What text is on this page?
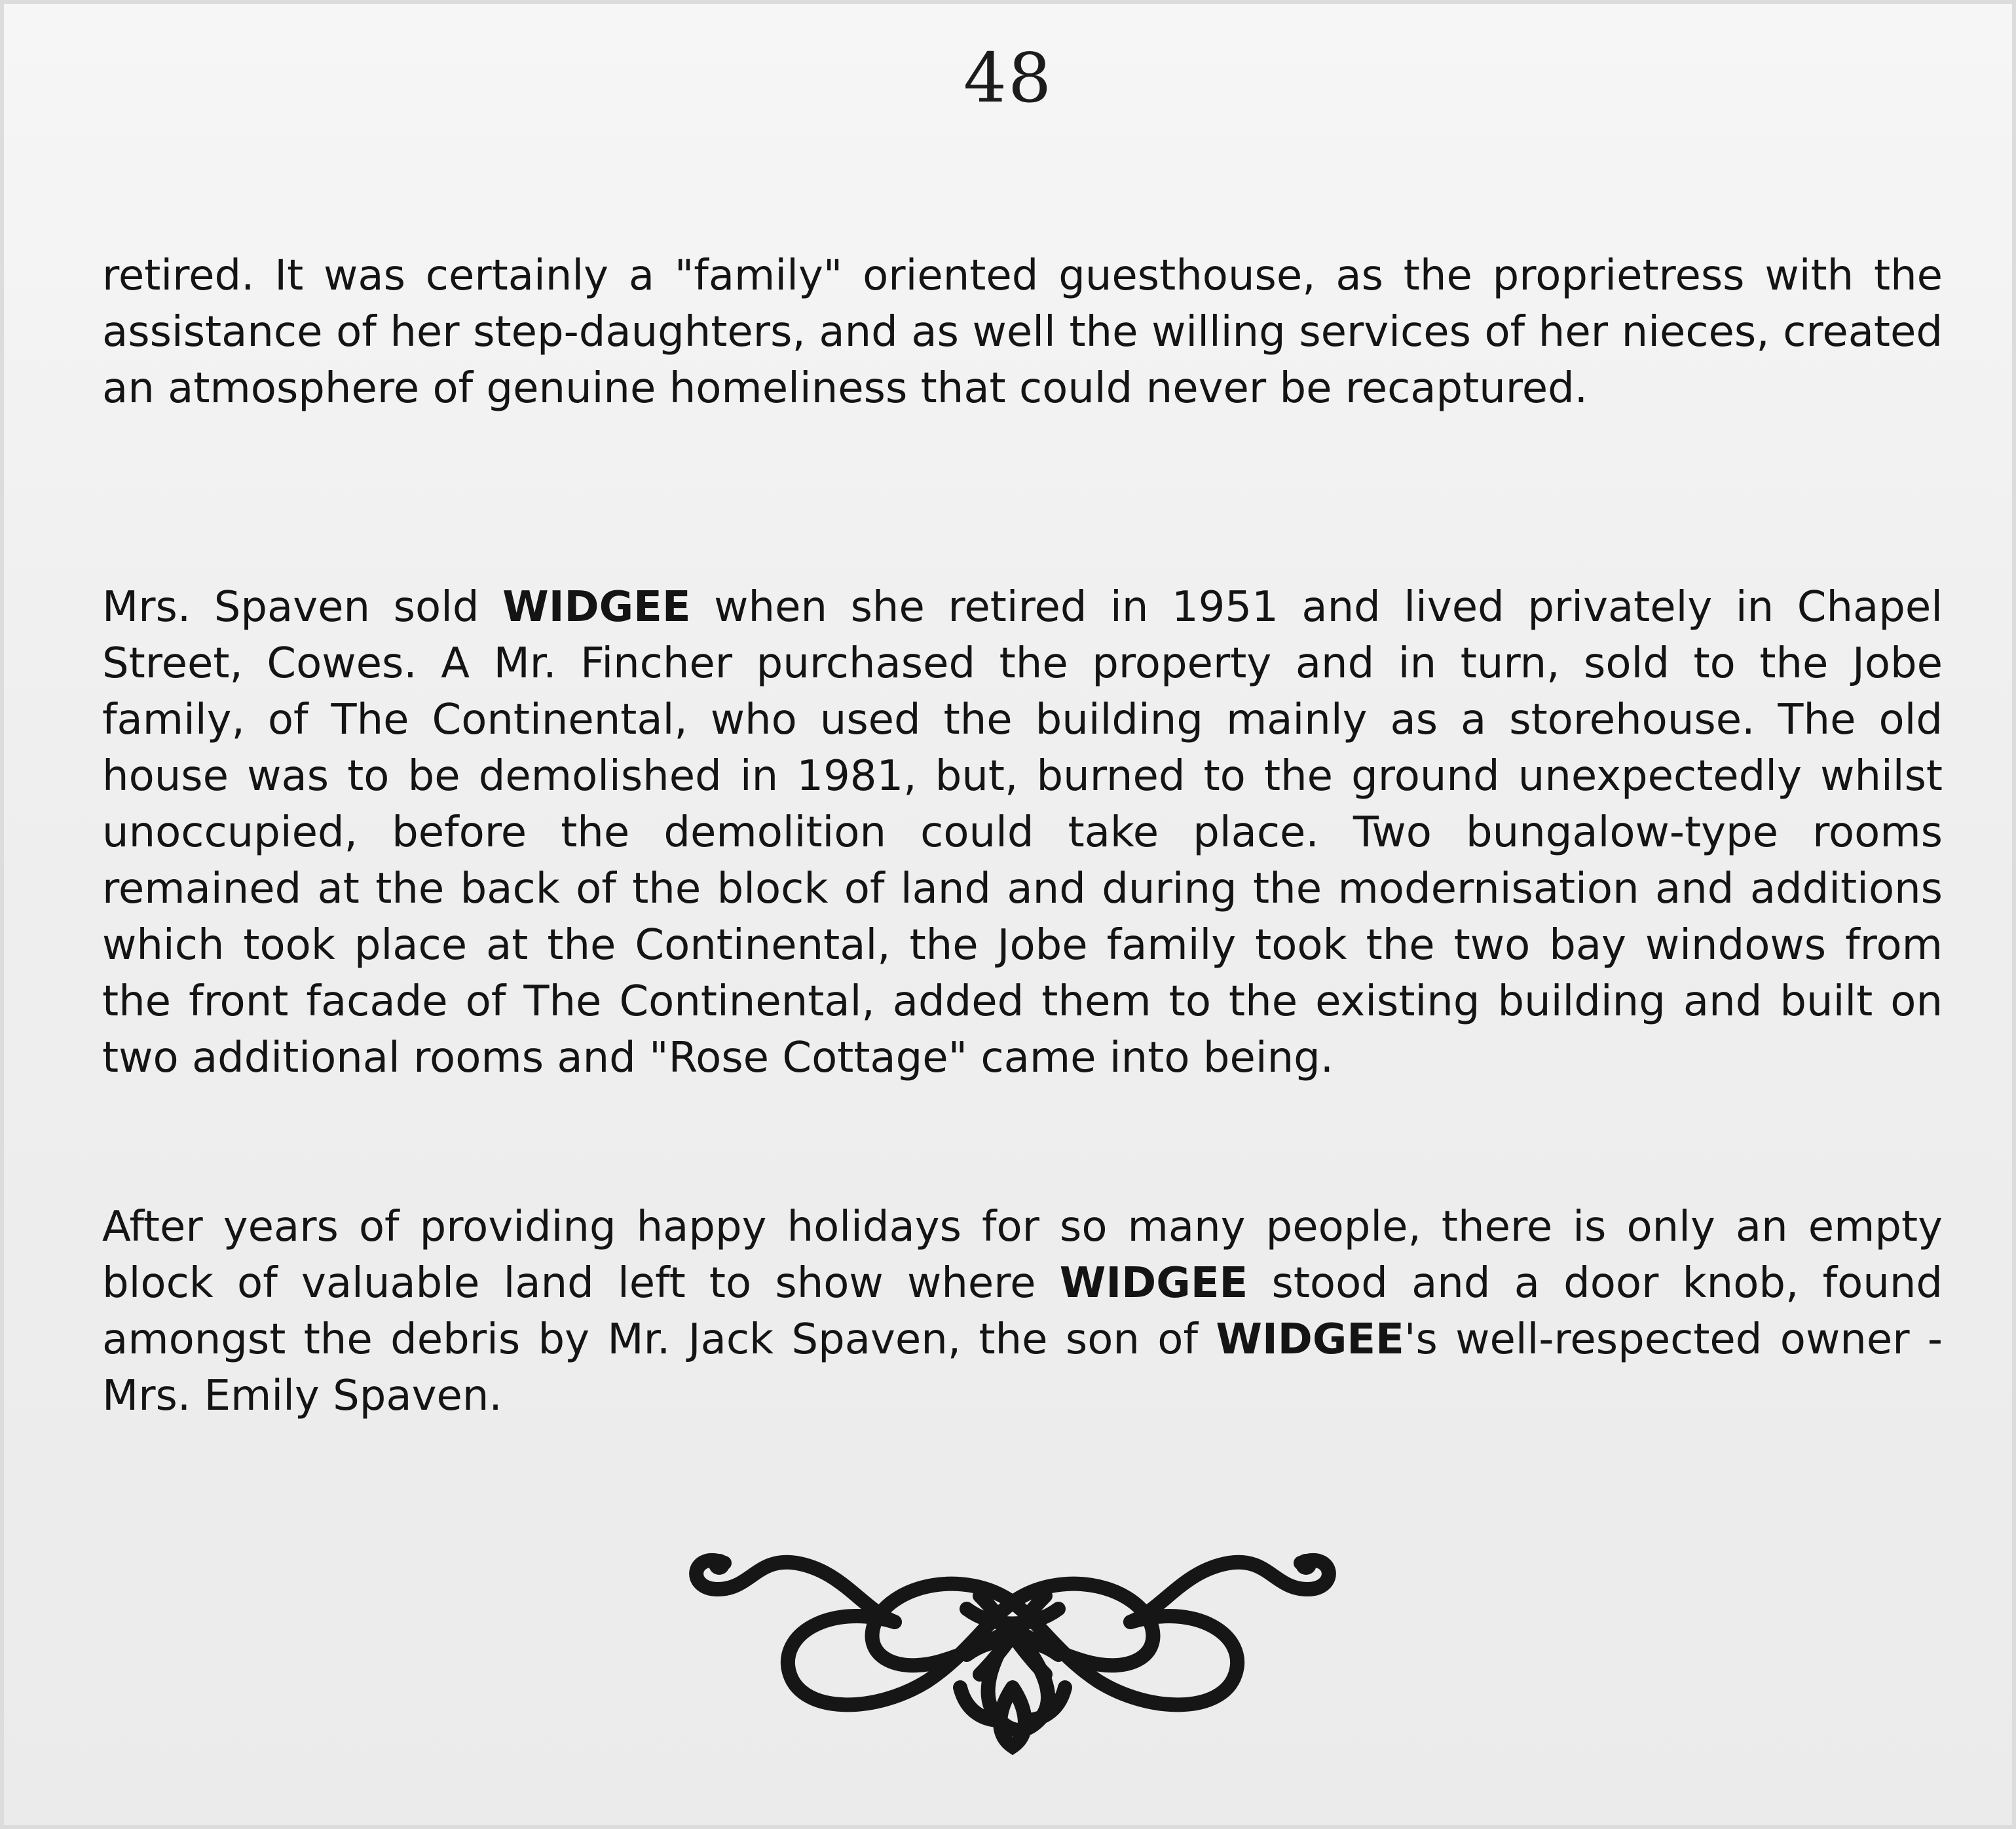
48

retired. It was certainly a "family" oriented guesthouse, as the proprietress with the assistance of her step-daughters, and as well the willing services of her nieces, created an atmosphere of genuine homeliness that could never be recaptured.

Mrs. Spaven sold WIDGEE when she retired in 1951 and lived privately in Chapel Street, Cowes. A Mr. Fincher purchased the property and in turn, sold to the Jobe family, of The Continental, who used the building mainly as a storehouse. The old house was to be demolished in 1981, but, burned to the ground unexpectedly whilst unoccupied, before the demolition could take place. Two bungalow-type rooms remained at the back of the block of land and during the modernisation and additions which took place at the Continental, the Jobe family took the two bay windows from the front facade of The Continental, added them to the existing building and built on two additional rooms and "Rose Cottage" came into being.

After years of providing happy holidays for so many people, there is only an empty block of valuable land left to show where WIDGEE stood and a door knob, found amongst the debris by Mr. Jack Spaven, the son of WIDGEE's well-respected owner - Mrs. Emily Spaven.
